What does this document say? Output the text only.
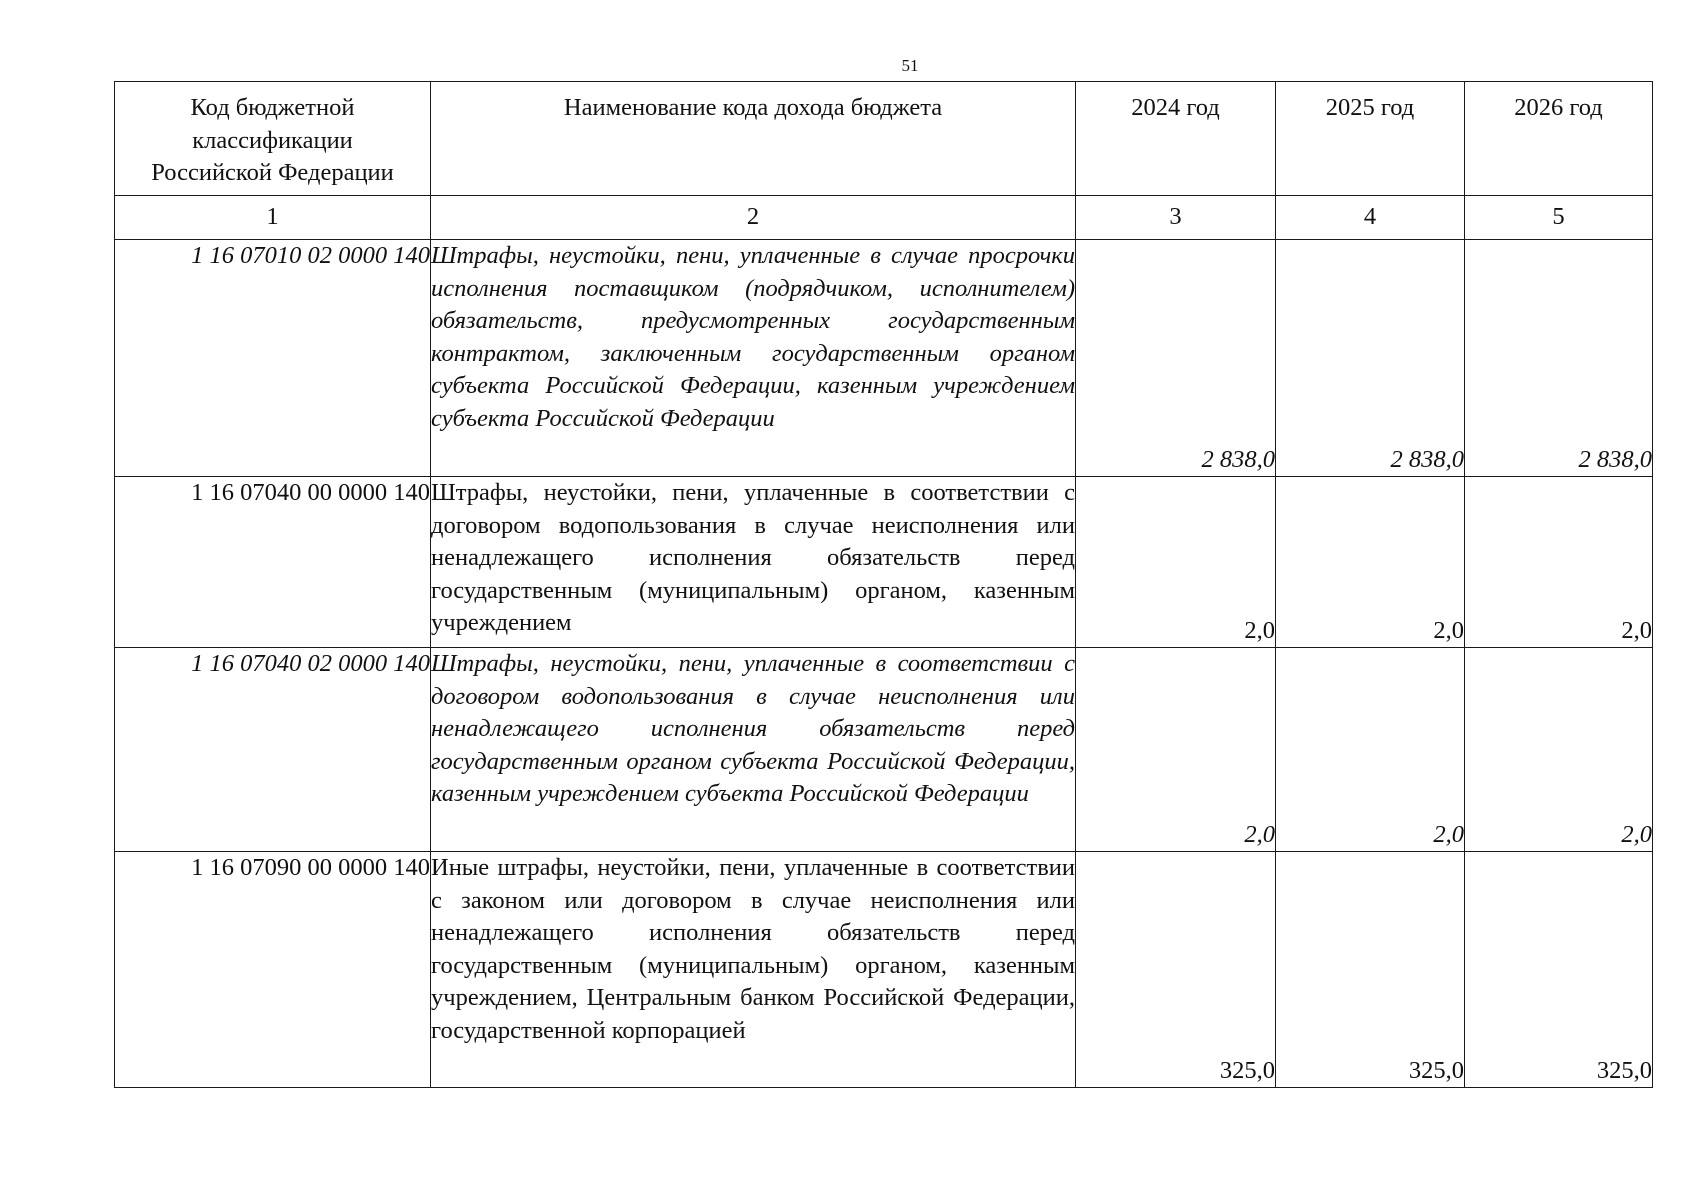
51
Код бюджетной классификации Российской Федерации	Наименование кода дохода бюджета	2024 год	2025 год	2026 год

1	2	3	4	5
1 16 07010 02 0000 140	Штрафы, неустойки, пени, уплаченные в случае просрочки исполнения поставщиком (подрядчиком, исполнителем) обязательств, предусмотренных государственным контрактом, заключенным государственным органом субъекта Российской Федерации, казенным учреждением субъекта Российской Федерации	2 838,0	2 838,0	2 838,0
1 16 07040 00 0000 140	Штрафы, неустойки, пени, уплаченные в соответствии с договором водопользования в случае неисполнения или ненадлежащего исполнения обязательств перед государственным (муниципальным) органом, казенным учреждением	2,0	2,0	2,0
1 16 07040 02 0000 140	Штрафы, неустойки, пени, уплаченные в соответствии с договором водопользования в случае неисполнения или ненадлежащего исполнения обязательств перед государственным органом субъекта Российской Федерации, казенным учреждением субъекта Российской Федерации	2,0	2,0	2,0
1 16 07090 00 0000 140	Иные штрафы, неустойки, пени, уплаченные в соответствии с законом или договором в случае неисполнения или ненадлежащего исполнения обязательств перед государственным (муниципальным) органом, казенным учреждением, Центральным банком Российской Федерации, государственной корпорацией	325,0	325,0	325,0
